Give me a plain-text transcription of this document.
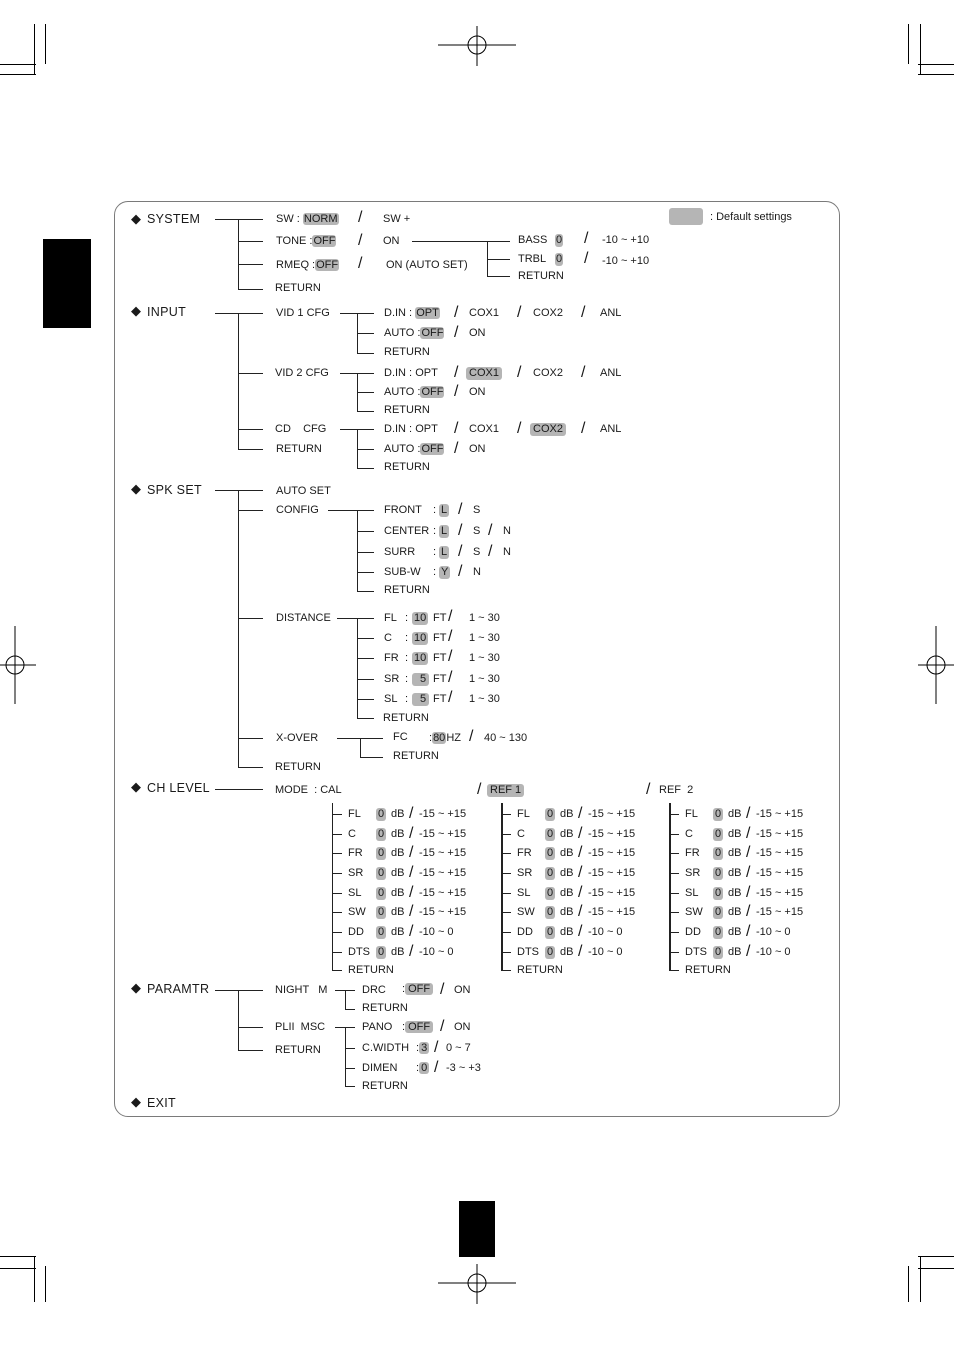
: Default settings
◆ SYSTEM	SW : NORM / SW +
TONE :OFF / ON	BASS 0 / -10 ~ +10
TRBL 0 / -10 ~ +10
RETURN
RMEQ :OFF / ON (AUTO SET)
RETURN
◆ INPUT	VID 1 CFG
VID 2 CFG
CD    CFG
RETURN
D.IN : OPT / COX1 / COX2 / ANL
AUTO :OFF / ON
RETURN
D.IN : OPT / COX1 / COX2 / ANL
AUTO :OFF / ON
RETURN
D.IN : OPT / COX1 / COX2 / ANL
AUTO :OFF / ON
RETURN
◆ SPK SET	AUTO SET
CONFIG
DISTANCE
X-OVER
RETURN
FRONT : L / S
CENTER : L / S / N
SURR : L / S / N
SUB-W : Y / N
RETURN
FL : 10 FT / 1 ~ 30
C : 10 FT / 1 ~ 30
FR : 10 FT / 1 ~ 30
SR :	5 FT / 1 ~ 30
SL :	5 FT / 1 ~ 30
RETURN
FC :80HZ / 40 ~ 130
RETURN
◆ CH LEVEL	MODE  : CAL	/ REF 1	/ REF  2
FL 0 dB / -15 ~ +15
C 0 dB / -15 ~ +15
FR 0 dB / -15 ~ +15
SR 0 dB / -15 ~ +15
SL 0 dB / -15 ~ +15
SW 0 dB / -15 ~ +15
DD 0 dB / -10 ~ 0
DTS 0 dB / -10 ~ 0
RETURN
FL 0 dB / -15 ~ +15
C 0 dB / -15 ~ +15
FR 0 dB / -15 ~ +15
SR 0 dB / -15 ~ +15
SL 0 dB / -15 ~ +15
SW 0 dB / -15 ~ +15
DD 0 dB / -10 ~ 0
DTS 0 dB / -10 ~ 0
RETURN
FL 0 dB / -15 ~ +15
C 0 dB / -15 ~ +15
FR 0 dB / -15 ~ +15
SR 0 dB / -15 ~ +15
SL 0 dB / -15 ~ +15
SW 0 dB / -15 ~ +15
DD 0 dB / -10 ~ 0
DTS 0 dB / -10 ~ 0
RETURN
◆ PARAMTR	NIGHT   M
PLII  MSC
RETURN
DRC : OFF / ON
RETURN
PANO : OFF / ON
C.WIDTH : 3 / 0 ~ 7
DIMEN : 0 / -3 ~ +3
RETURN
◆ EXIT
